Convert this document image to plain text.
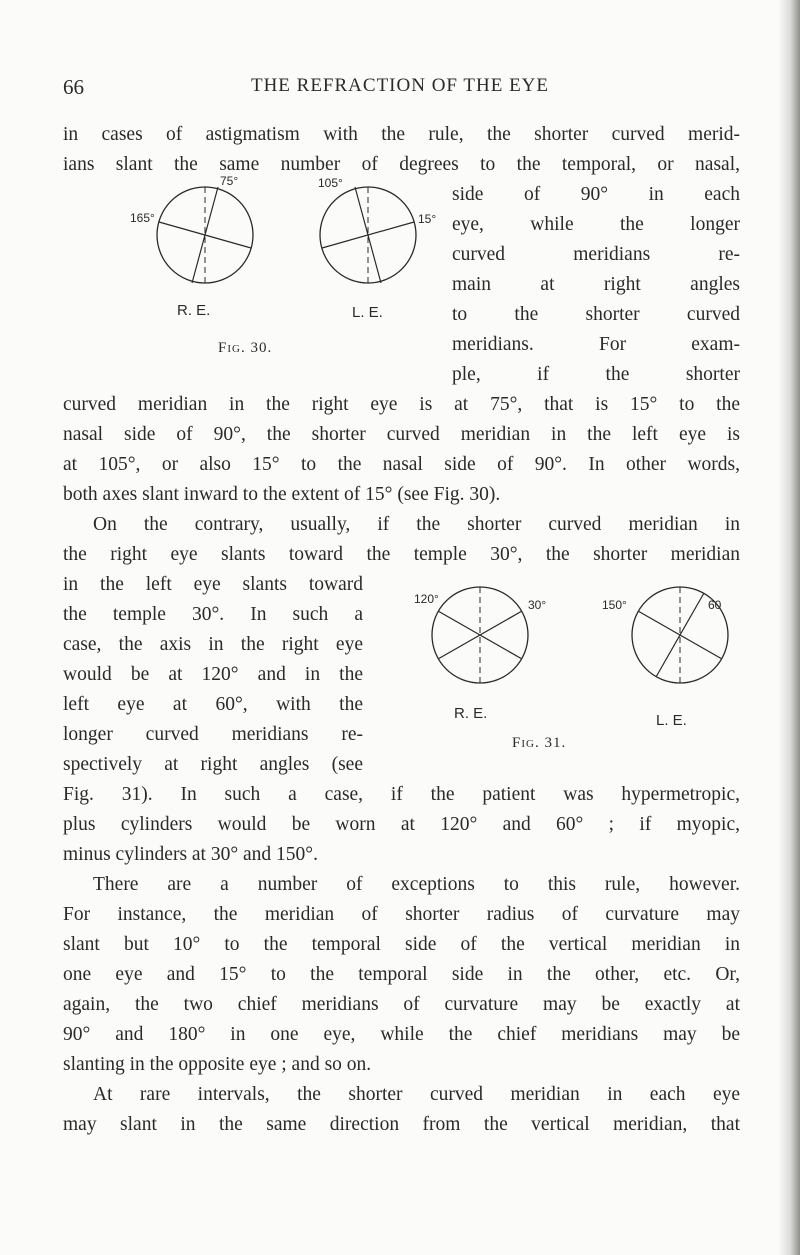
66	THE REFRACTION OF THE EYE
in cases of astigmatism with the rule, the shorter curved merid-
ians slant the same number of degrees to the temporal, or nasal,
side of 90° in each
eye, while the longer
curved meridians re-
main at right angles
to the shorter curved
meridians. For exam-
ple, if the shorter
curved meridian in the right eye is at 75°, that is 15° to the
nasal side of 90°, the shorter curved meridian in the left eye is
at 105°, or also 15° to the nasal side of 90°. In other words,
both axes slant inward to the extent of 15° (see Fig. 30).
On the contrary, usually, if the shorter curved meridian in
the right eye slants toward the temple 30°, the shorter meridian
in the left eye slants toward
the temple 30°. In such a
case, the axis in the right eye
would be at 120° and in the
left eye at 60°, with the
longer curved meridians re-
spectively at right angles (see
Fig. 31). In such a case, if the patient was hypermetropic,
plus cylinders would be worn at 120° and 60° ; if myopic,
minus cylinders at 30° and 150°.
There are a number of exceptions to this rule, however.
For instance, the meridian of shorter radius of curvature may
slant but 10° to the temporal side of the vertical meridian in
one eye and 15° to the temporal side in the other, etc. Or,
again, the two chief meridians of curvature may be exactly at
90° and 180° in one eye, while the chief meridians may be
slanting in the opposite eye ; and so on.
At rare intervals, the shorter curved meridian in each eye
may slant in the same direction from the vertical meridian, that
75°
165°
R. E.
105°
15°
L. E.
Fig. 30.
120°	30°
R. E.
150°	60
L. E.
Fig. 31.
